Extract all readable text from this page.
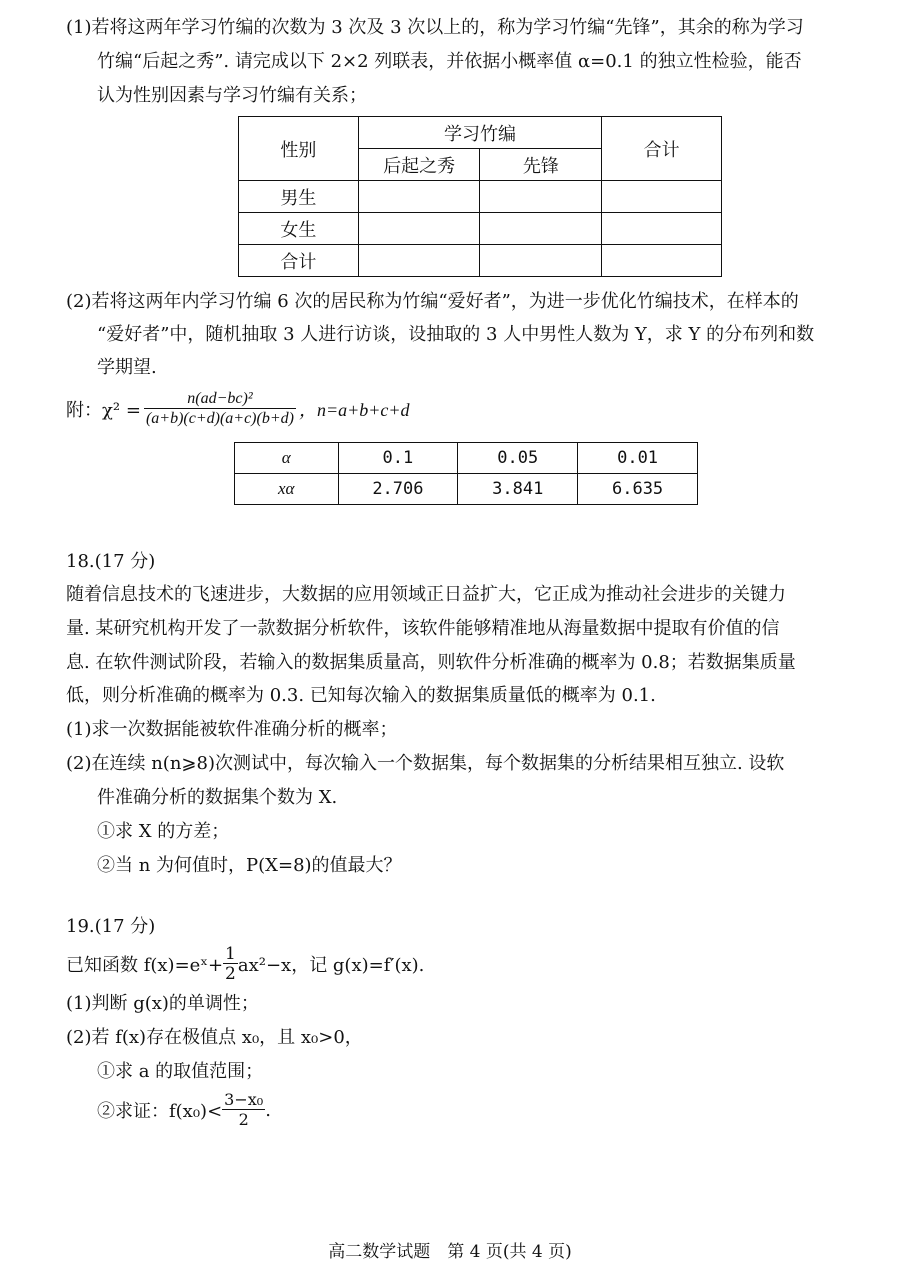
(1)若将这两年学习竹编的次数为 3 次及 3 次以上的，称为学习竹编“先锋”，其余的称为学习
竹编“后起之秀”. 请完成以下 2×2 列联表，并依据小概率值 α=0.1 的独立性检验，能否
认为性别因素与学习竹编有关系；
性别	学习竹编		合计
	后起之秀	先锋	
男生			
女生			
合计			
(2)若将这两年内学习竹编 6 次的居民称为竹编“爱好者”，为进一步优化竹编技术，在样本的
“爱好者”中，随机抽取 3 人进行访谈，设抽取的 3 人中男性人数为 Y，求 Y 的分布列和数
学期望.
附：$\chi^2 = \frac{\text{n(ad−bc)²}}{(a+b)(c+d)(a+c)(b+d)}$ ，n=a+b+c+d
α	0.1	0.05	0.01
xα	2.706	3.841	6.635
18.(17 分)
随着信息技术的飞速进步，大数据的应用领域正日益扩大，它正成为推动社会进步的关键力
量. 某研究机构开发了一款数据分析软件，该软件能够精准地从海量数据中提取有价值的信
息. 在软件测试阶段，若输入的数据集质量高，则软件分析准确的概率为 0.8；若数据集质量
低，则分析准确的概率为 0.3. 已知每次输入的数据集质量低的概率为 0.1.
(1)求一次数据能被软件准确分析的概率；
(2)在连续 n(n⩾8)次测试中，每次输入一个数据集，每个数据集的分析结果相互独立. 设软
件准确分析的数据集个数为 X.
①求 X 的方差；
②当 n 为何值时，P(X=8)的值最大？
19.(17 分)
已知函数 f(x)=eˣ+ $\frac{1}{2} ax^2-x$，记 g(x)=f′(x).
(1)判断 g(x)的单调性；
(2)若 f(x)存在极值点 x₀，且 x₀>0，
①求 a 的取值范围；
②求证：$f(x_0)< \frac{\text{3−x₀}}{2}$ .
高二数学试题　第 4 页(共 4 页)
